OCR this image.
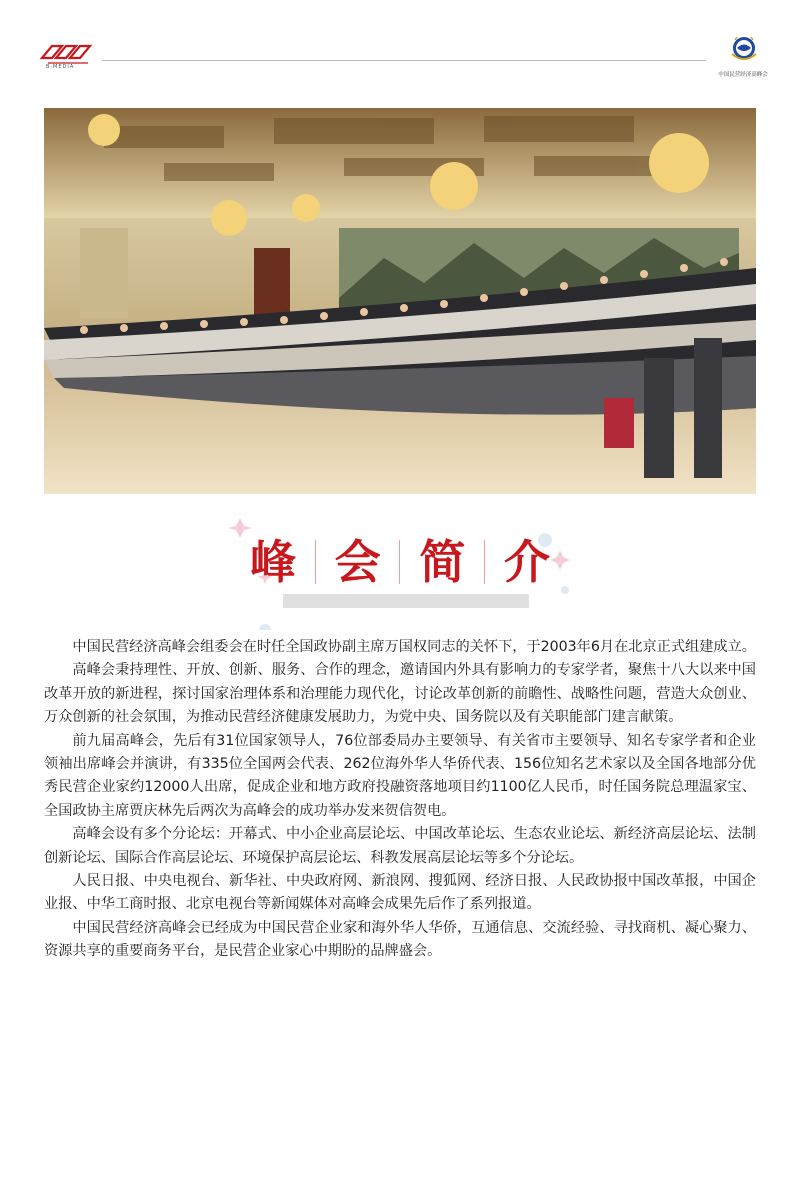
B·MEDIA
中国民营经济高峰会
峰 会 简 介

中国民营经济高峰会组委会在时任全国政协副主席万国权同志的关怀下，于2003年6月在北京正式组建成立。

高峰会秉持理性、开放、创新、服务、合作的理念，邀请国内外具有影响力的专家学者，聚焦十八大以来中国改革开放的新进程，探讨国家治理体系和治理能力现代化，讨论改革创新的前瞻性、战略性问题，营造大众创业、万众创新的社会氛围，为推动民营经济健康发展助力，为党中央、国务院以及有关职能部门建言献策。

前九届高峰会，先后有31位国家领导人，76位部委局办主要领导、有关省市主要领导、知名专家学者和企业领袖出席峰会并演讲，有335位全国两会代表、262位海外华人华侨代表、156位知名艺术家以及全国各地部分优秀民营企业家约12000人出席，促成企业和地方政府投融资落地项目约1100亿人民币，时任国务院总理温家宝、全国政协主席贾庆林先后两次为高峰会的成功举办发来贺信贺电。

高峰会设有多个分论坛：开幕式、中小企业高层论坛、中国改革论坛、生态农业论坛、新经济高层论坛、法制创新论坛、国际合作高层论坛、环境保护高层论坛、科教发展高层论坛等多个分论坛。

人民日报、中央电视台、新华社、中央政府网、新浪网、搜狐网、经济日报、人民政协报中国改革报，中国企业报、中华工商时报、北京电视台等新闻媒体对高峰会成果先后作了系列报道。

中国民营经济高峰会已经成为中国民营企业家和海外华人华侨，互通信息、交流经验、寻找商机、凝心聚力、资源共享的重要商务平台，是民营企业家心中期盼的品牌盛会。
